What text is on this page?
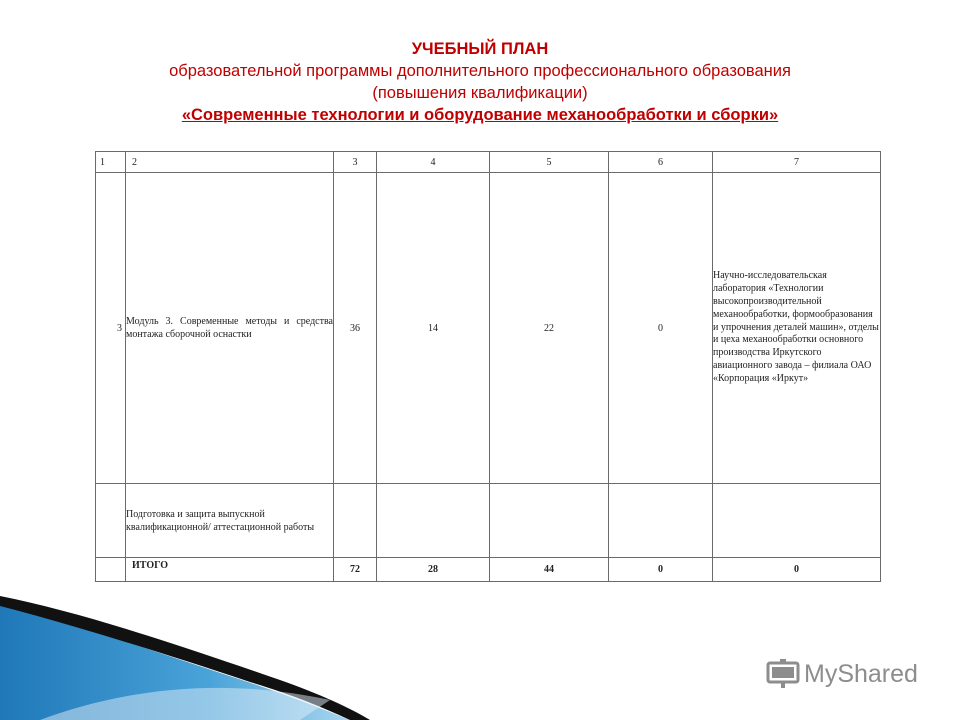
УЧЕБНЫЙ ПЛАН
образовательной программы дополнительного профессионального образования
(повышения квалификации)
«Современные технологии и оборудование механообработки и сборки»
1	2	3	4	5	6	7
3	Модуль 3. Современные методы и средства монтажа сборочной оснастки	36	14	22	0	Научно-исследовательская лаборатория «Технологии высокопроизводительной механообработки, формообразования и упрочнения деталей машин», отделы и цеха механообработки основного производства Иркутского авиационного завода – филиала ОАО «Корпорация «Иркут»
	Подготовка и защита выпускной квалификационной/ аттестационной работы					
	ИТОГО	72	28	44	0	0
MyShared
